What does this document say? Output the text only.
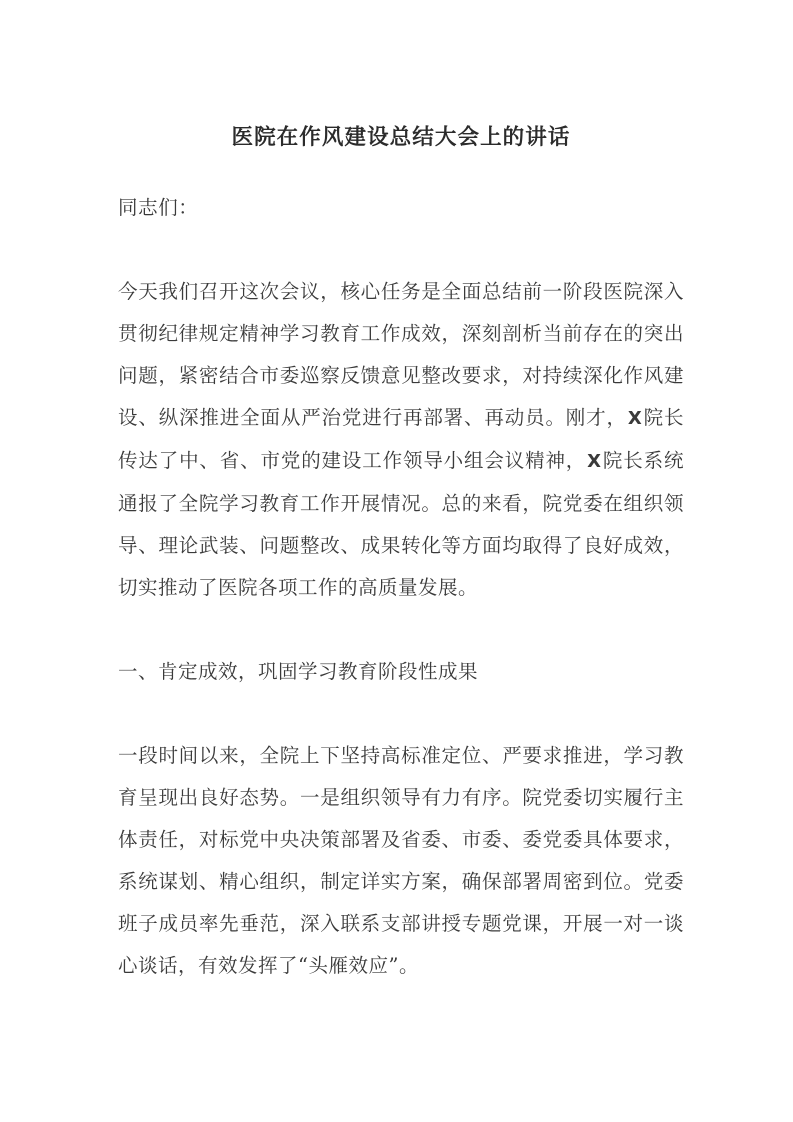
医院在作风建设总结大会上的讲话

同志们：

今天我们召开这次会议，核心任务是全面总结前一阶段医院深入贯彻纪律规定精神学习教育工作成效，深刻剖析当前存在的突出问题，紧密结合市委巡察反馈意见整改要求，对持续深化作风建设、纵深推进全面从严治党进行再部署、再动员。刚才，X院长传达了中、省、市党的建设工作领导小组会议精神，X院长系统通报了全院学习教育工作开展情况。总的来看，院党委在组织领导、理论武装、问题整改、成果转化等方面均取得了良好成效，切实推动了医院各项工作的高质量发展。

一、肯定成效，巩固学习教育阶段性成果

一段时间以来，全院上下坚持高标准定位、严要求推进，学习教育呈现出良好态势。一是组织领导有力有序。院党委切实履行主体责任，对标党中央决策部署及省委、市委、委党委具体要求，系统谋划、精心组织，制定详实方案，确保部署周密到位。党委班子成员率先垂范，深入联系支部讲授专题党课，开展一对一谈心谈话，有效发挥了“头雁效应”。
